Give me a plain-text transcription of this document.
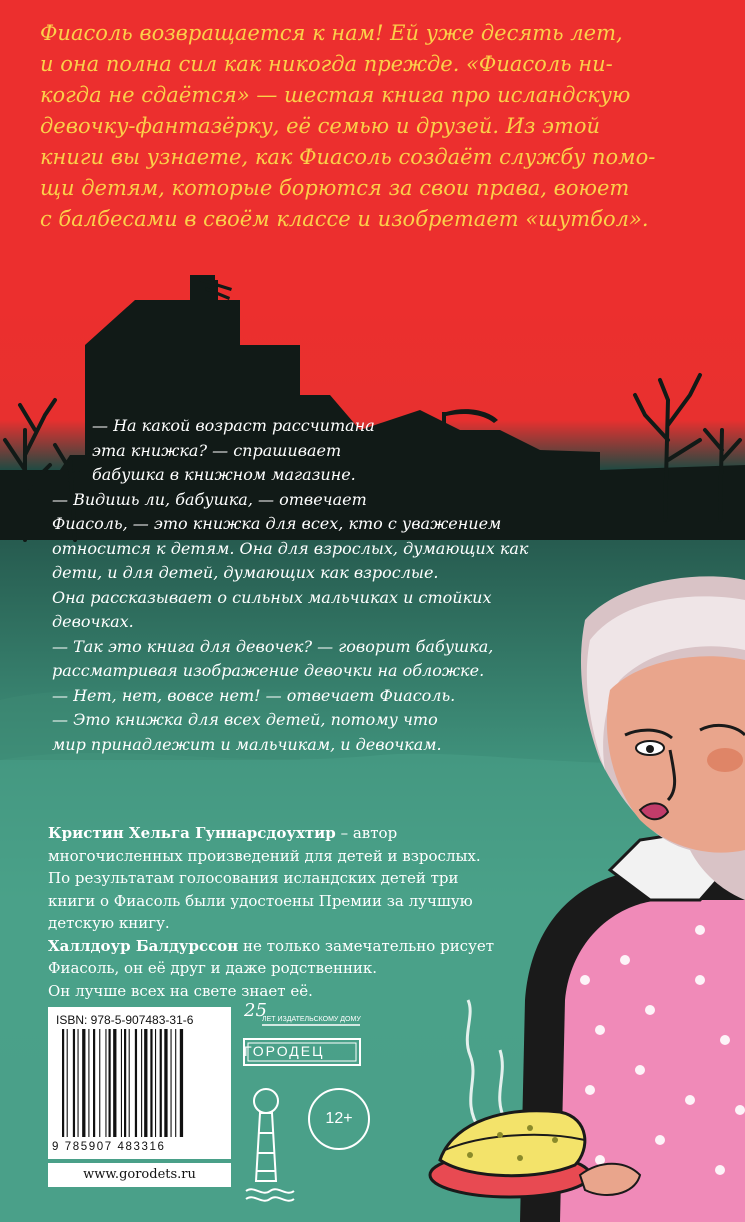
Фиасоль возвращается к нам! Ей уже десять лет,
и она полна сил как никогда прежде. «Фиасоль ни-
когда не сдаётся» — шестая книга про исландскую
девочку-фантазёрку, её семью и друзей. Из этой
книги вы узнаете, как Фиасоль создаёт службу помо-
щи детям, которые борются за свои права, воюет
с балбесами в своём классе и изобретает «шутбол».

— На какой возраст рассчитана
эта книжка? — спрашивает
бабушка в книжном магазине.
— Видишь ли, бабушка, — отвечает
Фиасоль, — это книжка для всех, кто с уважением
относится к детям. Она для взрослых, думающих как
дети, и для детей, думающих как взрослые.
Она рассказывает о сильных мальчиках и стойких
девочках.
— Так это книга для девочек? — говорит бабушка,
рассматривая изображение девочки на обложке.
— Нет, нет, вовсе нет! — отвечает Фиасоль.
— Это книжка для всех детей, потому что
мир принадлежит и мальчикам, и девочкам.
Кристин Хельга Гуннарсдоухтир – автор
многочисленных произведений для детей и взрослых.
По результатам голосования исландских детей три
книги о Фиасоль были удостоены Премии за лучшую
детскую книгу.
Халлдоур Балдурссон не только замечательно рисует
Фиасоль, он её друг и даже родственник.
Он лучше всех на свете знает её.
ISBN: 978-5-907483-31-6
9 785907 483316
www.gorodets.ru
25
ЛЕТ ИЗДАТЕЛЬСКОМУ ДОМУ
ГОРОДЕЦ
12+
